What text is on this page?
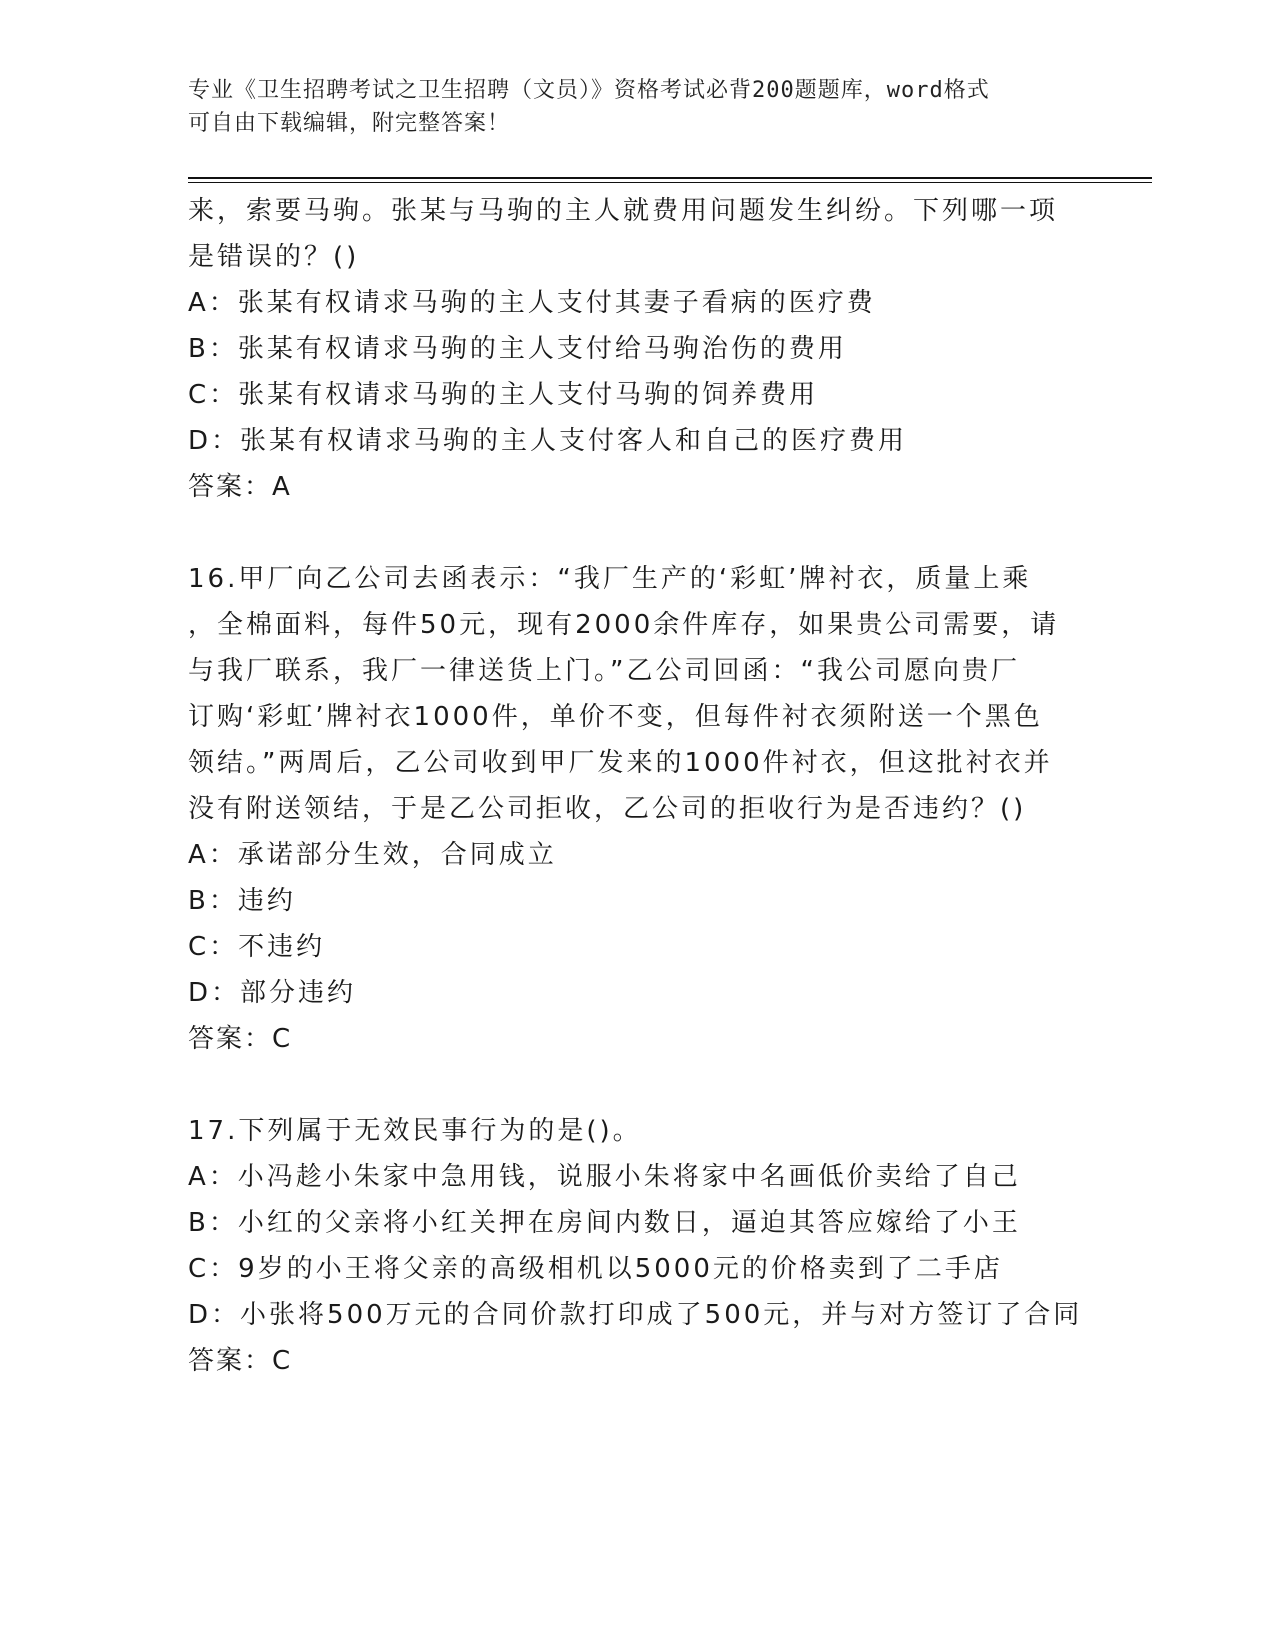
专业《卫生招聘考试之卫生招聘（文员）》资格考试必背200题题库，word格式
可自由下载编辑，附完整答案！
来，索要马驹。张某与马驹的主人就费用问题发生纠纷。下列哪一项
是错误的？()
A：张某有权请求马驹的主人支付其妻子看病的医疗费
B：张某有权请求马驹的主人支付给马驹治伤的费用
C：张某有权请求马驹的主人支付马驹的饲养费用
D：张某有权请求马驹的主人支付客人和自己的医疗费用
答案：A
16.甲厂向乙公司去函表示：“我厂生产的‘彩虹’牌衬衣，质量上乘
，全棉面料，每件50元，现有2000余件库存，如果贵公司需要，请
与我厂联系，我厂一律送货上门。”乙公司回函：“我公司愿向贵厂
订购‘彩虹’牌衬衣1000件，单价不变，但每件衬衣须附送一个黑色
领结。”两周后，乙公司收到甲厂发来的1000件衬衣，但这批衬衣并
没有附送领结，于是乙公司拒收，乙公司的拒收行为是否违约？()
A：承诺部分生效，合同成立
B：违约
C：不违约
D：部分违约
答案：C
17.下列属于无效民事行为的是()。
A：小冯趁小朱家中急用钱，说服小朱将家中名画低价卖给了自己
B：小红的父亲将小红关押在房间内数日，逼迫其答应嫁给了小王
C：9岁的小王将父亲的高级相机以5000元的价格卖到了二手店
D：小张将500万元的合同价款打印成了500元，并与对方签订了合同
答案：C
